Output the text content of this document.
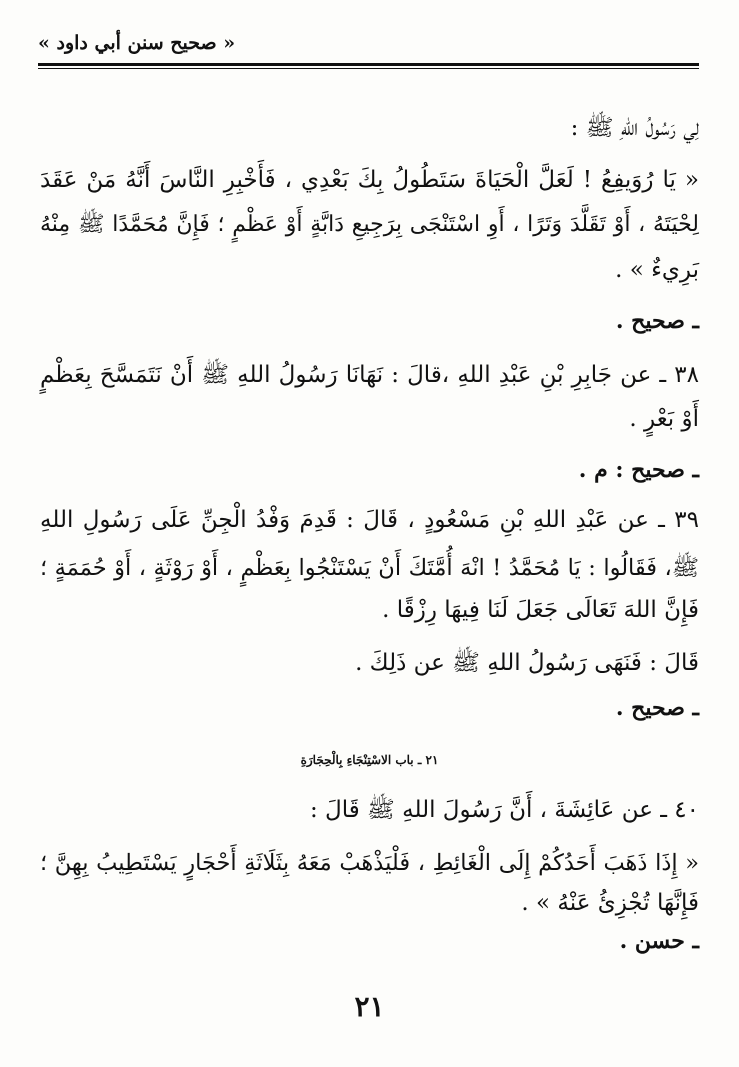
« صحيح سنن أبي داود »
لِي رَسُولُ اللهِ ﷺ :
« يَا رُوَيفِعُ ! لَعَلَّ الْحَيَاةَ سَتَطُولُ بِكَ بَعْدِي ، فَأَخْبِرِ النَّاسَ أَنَّهُ مَنْ عَقَدَ
لِحْيَتَهُ ، أَوْ تَقَلَّدَ وَتَرًا ، أَوِ اسْتَنْجَى بِرَجِيعِ دَابَّةٍ أَوْ عَظْمٍ ؛ فَإِنَّ مُحَمَّدًا ﷺ مِنْهُ
بَرِيءٌ » .
ـ صحيح .
٣٨ ـ عن جَابِرِ بْنِ عَبْدِ اللهِ ،قالَ : نَهَانَا رَسُولُ اللهِ ﷺ أَنْ نَتَمَسَّحَ بِعَظْمٍ
أَوْ بَعْرٍ .
ـ صحيح : م .
٣٩ ـ عن عَبْدِ اللهِ بْنِ مَسْعُودٍ ، قَالَ : قَدِمَ وَفْدُ الْجِنِّ عَلَى رَسُولِ اللهِ
ﷺ، فَقَالُوا : يَا مُحَمَّدُ ! انْهَ أُمَّتَكَ أَنْ يَسْتَنْجُوا بِعَظْمٍ ، أَوْ رَوْثَةٍ ، أَوْ حُمَمَةٍ ؛
فَإِنَّ اللهَ تَعَالَى جَعَلَ لَنَا فِيهَا رِزْقًا .
قَالَ : فَنَهَى رَسُولُ اللهِ ﷺ عن ذَلِكَ .
ـ صحيح .
٢١ ـ باب الاسْتِنْجَاءِ بِالْحِجَارَةِ
٤٠ ـ عن عَائِشَةَ ، أَنَّ رَسُولَ اللهِ ﷺ قَالَ :
« إِذَا ذَهَبَ أَحَدُكُمْ إِلَى الْغَائِطِ ، فَلْيَذْهَبْ مَعَهُ بِثَلَاثَةِ أَحْجَارٍ يَسْتَطِيبُ بِهِنَّ ؛
فَإِنَّهَا تُجْزِئُ عَنْهُ » .
ـ حسن .
٢١
